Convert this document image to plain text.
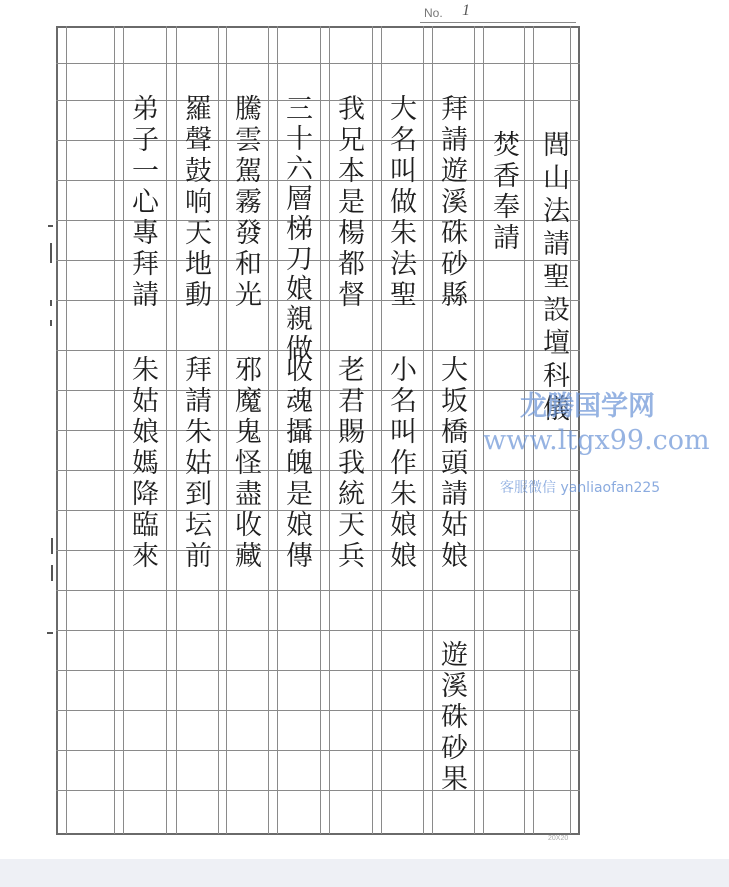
No. 1
閭山法請聖設壇科儀
焚香奉請
拜請遊溪硃砂縣
大坂橋頭請姑娘
遊溪硃砂果
大名叫做朱法聖
小名叫作朱娘娘
我兄本是楊都督
老君賜我統天兵
三十六層梯刀娘親做
收魂攝魄是娘傳
騰雲駕霧發和光
邪魔鬼怪盡收藏
羅聲鼓响天地動
拜請朱姑到坛前
弟子一心專拜請
朱姑娘媽降臨來	龙腾国学网
www.ltgx99.com
客服微信 yanliaofan225
20X20
